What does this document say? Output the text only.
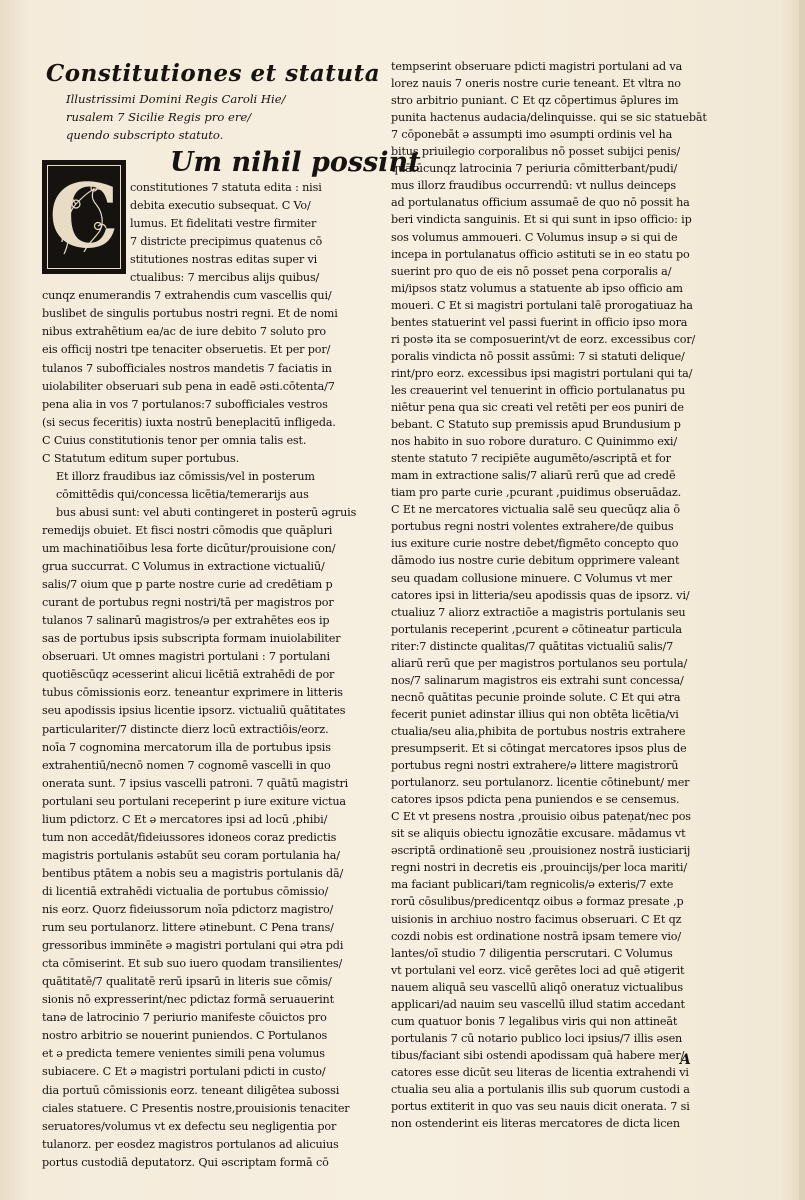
Constitutiones et statuta
Illustrissimi Domini Regis Caroli Hie/
rusalem 7 Sicilie Regis pro ere/
quendo subscripto statuto.
C
Um nihil possint
constitutiones 7 statuta edita : nisi
debita executio subsequat. C Vo/
lumus. Et fidelitati vestre firmiter
7 districte precipimus quatenus cō
stitutiones nostras editas super vi
ctualibus: 7 mercibus alijs quibus/
cunqz enumerandis 7 extrahendis cum vascellis qui/
buslibet de singulis portubus nostri regni. Et de nomi
nibus extrahētium ea/ac de iure debito 7 soluto pro
eis officij nostri tpe tenaciter obseruetis. Et per por/
tulanos 7 subofficiales nostros mandetis 7 faciatis in
uiolabiliter obseruari sub pena in eadē əsti.cōtenta/7
pena alia in vos 7 portulanos:7 subofficiales vestros
(si secus feceritis) iuxta nostrū beneplacitū infligeda.
C Cuius constitutionis tenor per omnia talis est.
C Statutum editum super portubus.
Et illorz fraudibus iaz cōmissis/vel in posterum
cōmittēdis qui/concessa licētia/temerarijs aus
bus abusi sunt: vel abuti contingeret in posterū əgruis
remedijs obuiet. Et fisci nostri cōmodis que quāpluri
um machinatiōibus lesa forte dicūtur/prouisione con/
grua succurrat. C Volumus in extractione victualiū/
salis/7 oium que p parte nostre curie ad credētiam p
curant de portubus regni nostri/tā per magistros por
tulanos 7 salinarū magistros/ə per extrahētes eos ip
sas de portubus ipsis subscripta formam inuiolabiliter
obseruari. Ut omnes magistri portulani : 7 portulani
quotiēscūqz əcesserint alicui licētiā extrahēdi de por
tubus cōmissionis eorz. teneantur exprimere in litteris
seu apodissis ipsius licentie ipsorz. victualiū quātitates
particulariter/7 distincte dierz locū extractiōis/eorz.
noīa 7 cognomina mercatorum illa de portubus ipsis
extrahentiū/necnō nomen 7 cognomē vascelli in quo
onerata sunt. 7 ipsius vascelli patroni. 7 quātū magistri
portulani seu portulani receperint p iure exiture victua
lium pdictorz. C Et ə mercatores ipsi ad locū ,phibi/
tum non accedāt/fideiussores idoneos coraz predictis
magistris portulanis əstabūt seu coram portulania ha/
bentibus ptātem a nobis seu a magistris portulanis dā/
di licentiā extrahēdi victualia de portubus cōmissio/
nis eorz. Quorz fideiussorum noīa pdictorz magistro/
rum seu portulanorz. littere ətinebunt. C Pena trans/
gressoribus imminēte ə magistri portulani qui ətra pdi
cta cōmiserint. Et sub suo iuero quodam transilientes/
quātitatē/7 qualitatē rerū ipsarū in literis sue cōmis/
sionis nō expresserint/nec pdictaz formā seruauerint
tanə de latrocinio 7 periurio manifeste cōuictos pro
nostro arbitrio se nouerint puniendos. C Portulanos
et ə predicta temere venientes simili pena volumus
subiacere. C Et ə magistri portulani pdicti in custo/
dia portuū cōmissionis eorz. teneant diligētea subossi
ciales statuere. C Presentis nostre,prouisionis tenaciter
seruatores/volumus vt ex defectu seu negligentia por
tulanorz. per eosdez magistros portulanos ad alicuius
portus custodiā deputatorz. Qui əscriptam formā cō
tempserint obseruare pdicti magistri portulani ad va
lorez nauis 7 oneris nostre curie teneant. Et vltra no
stro arbitrio puniant. C Et qz cōpertimus ə̄plures im
punita hactenus audacia/delinquisse. qui se sic statuebāt
7 cōponebāt ə assumpti imo əsumpti ordinis vel ha
bitus priuilegio corporalibus nō posset subijci penis/
quātūcunqz latrocinia 7 periuria cōmitterbant/pudi/
mus illorz fraudibus occurrendū: vt nullus deinceps
ad portulanatus officium assumaē de quo nō possit ha
beri vindicta sanguinis. Et si qui sunt in ipso officio: ip
sos volumus ammoueri. C Volumus insup ə si qui de
incepa in portulanatus officio əstituti se in eo statu po
suerint pro quo de eis nō posset pena corporalis a/
mi/ipsos statz volumus a statuente ab ipso officio am
moueri. C Et si magistri portulani talē prorogatiuaz ha
bentes statuerint vel passi fuerint in officio ipso mora
ri postə ita se composuerint/vt de eorz. excessibus cor/
poralis vindicta nō possit assūmi: 7 si statuti delique/
rint/pro eorz. excessibus ipsi magistri portulani qui ta/
les creauerint vel tenuerint in officio portulanatus pu
niētur pena qua sic creati vel retēti per eos puniri de
bebant. C Statuto sup premissis apud Brundusium p
nos habito in suo robore duraturo. C Quinimmo exi/
stente statuto 7 recipiēte augumēto/əscriptā et for
mam in extractione salis/7 aliarū rerū que ad credē
tiam pro parte curie ,pcurant ,puidimus obseruādaz.
C Et ne mercatores victualia salē seu quecūqz alia ō
portubus regni nostri volentes extrahere/de quibus
ius exiture curie nostre debet/figmēto concepto quo
dāmodo ius nostre curie debitum opprimere valeant
seu quadam collusione minuere. C Volumus vt mer
catores ipsi in litteria/seu apodissis quas de ipsorz. vi/
ctualiuz 7 aliorz extractiōe a magistris portulanis seu
portulanis receperint ,pcurent ə cōtineatur particula
riter:7 distincte qualitas/7 quātitas victualiū salis/7
aliarū rerū que per magistros portulanos seu portula/
nos/7 salinarum magistros eis extrahi sunt concessa/
necnō quātitas pecunie proinde solute. C Et qui ətra
fecerit puniet adinstar illius qui non obtēta licētia/vi
ctualia/seu alia,phibita de portubus nostris extrahere
presumpserit. Et si cōtingat mercatores ipsos plus de
portubus regni nostri extrahere/ə littere magistrorū
portulanorz. seu portulanorz. licentie cōtinebunt/ mer
catores ipsos pdicta pena puniendos e se censemus.
C Et vt presens nostra ,prouisio oibus pateņat/nec pos
sit se aliquis obiectu ignozātie excusare. mādamus vt
əscriptā ordinationē seu ,prouisionez nostrā iusticiarij
regni nostri in decretis eis ,prouincijs/per loca mariti/
ma faciant publicari/tam regnicolis/ə exteris/7 exte
rorū cōsulibus/predicentqz oibus ə formaz presate ,p
uisionis in archiuo nostro facimus obseruari. C Et qz
cozdi nobis est ordinatione nostrā ipsam temere vio/
lantes/oī studio 7 diligentia perscrutari. C Volumus
vt portulani vel eorz. vicē gerētes loci ad quē ətigerit
nauem aliquā seu vascellū aliqō oneratuz victualibus
applicari/ad nauim seu vascellū illud statim accedant
cum quatuor bonis 7 legalibus viris qui non attineāt
portulanis 7 cū notario publico loci ipsius/7 illis əsen
tibus/faciant sibi ostendi apodissam quā habere mer/
catores esse dicūt seu literas de licentia extrahendi vi
ctualia seu alia a portulanis illis sub quorum custodi a
portus extiterit in quo vas seu nauis dicit onerata. 7 si
non ostenderint eis literas mercatores de dicta licen
A
